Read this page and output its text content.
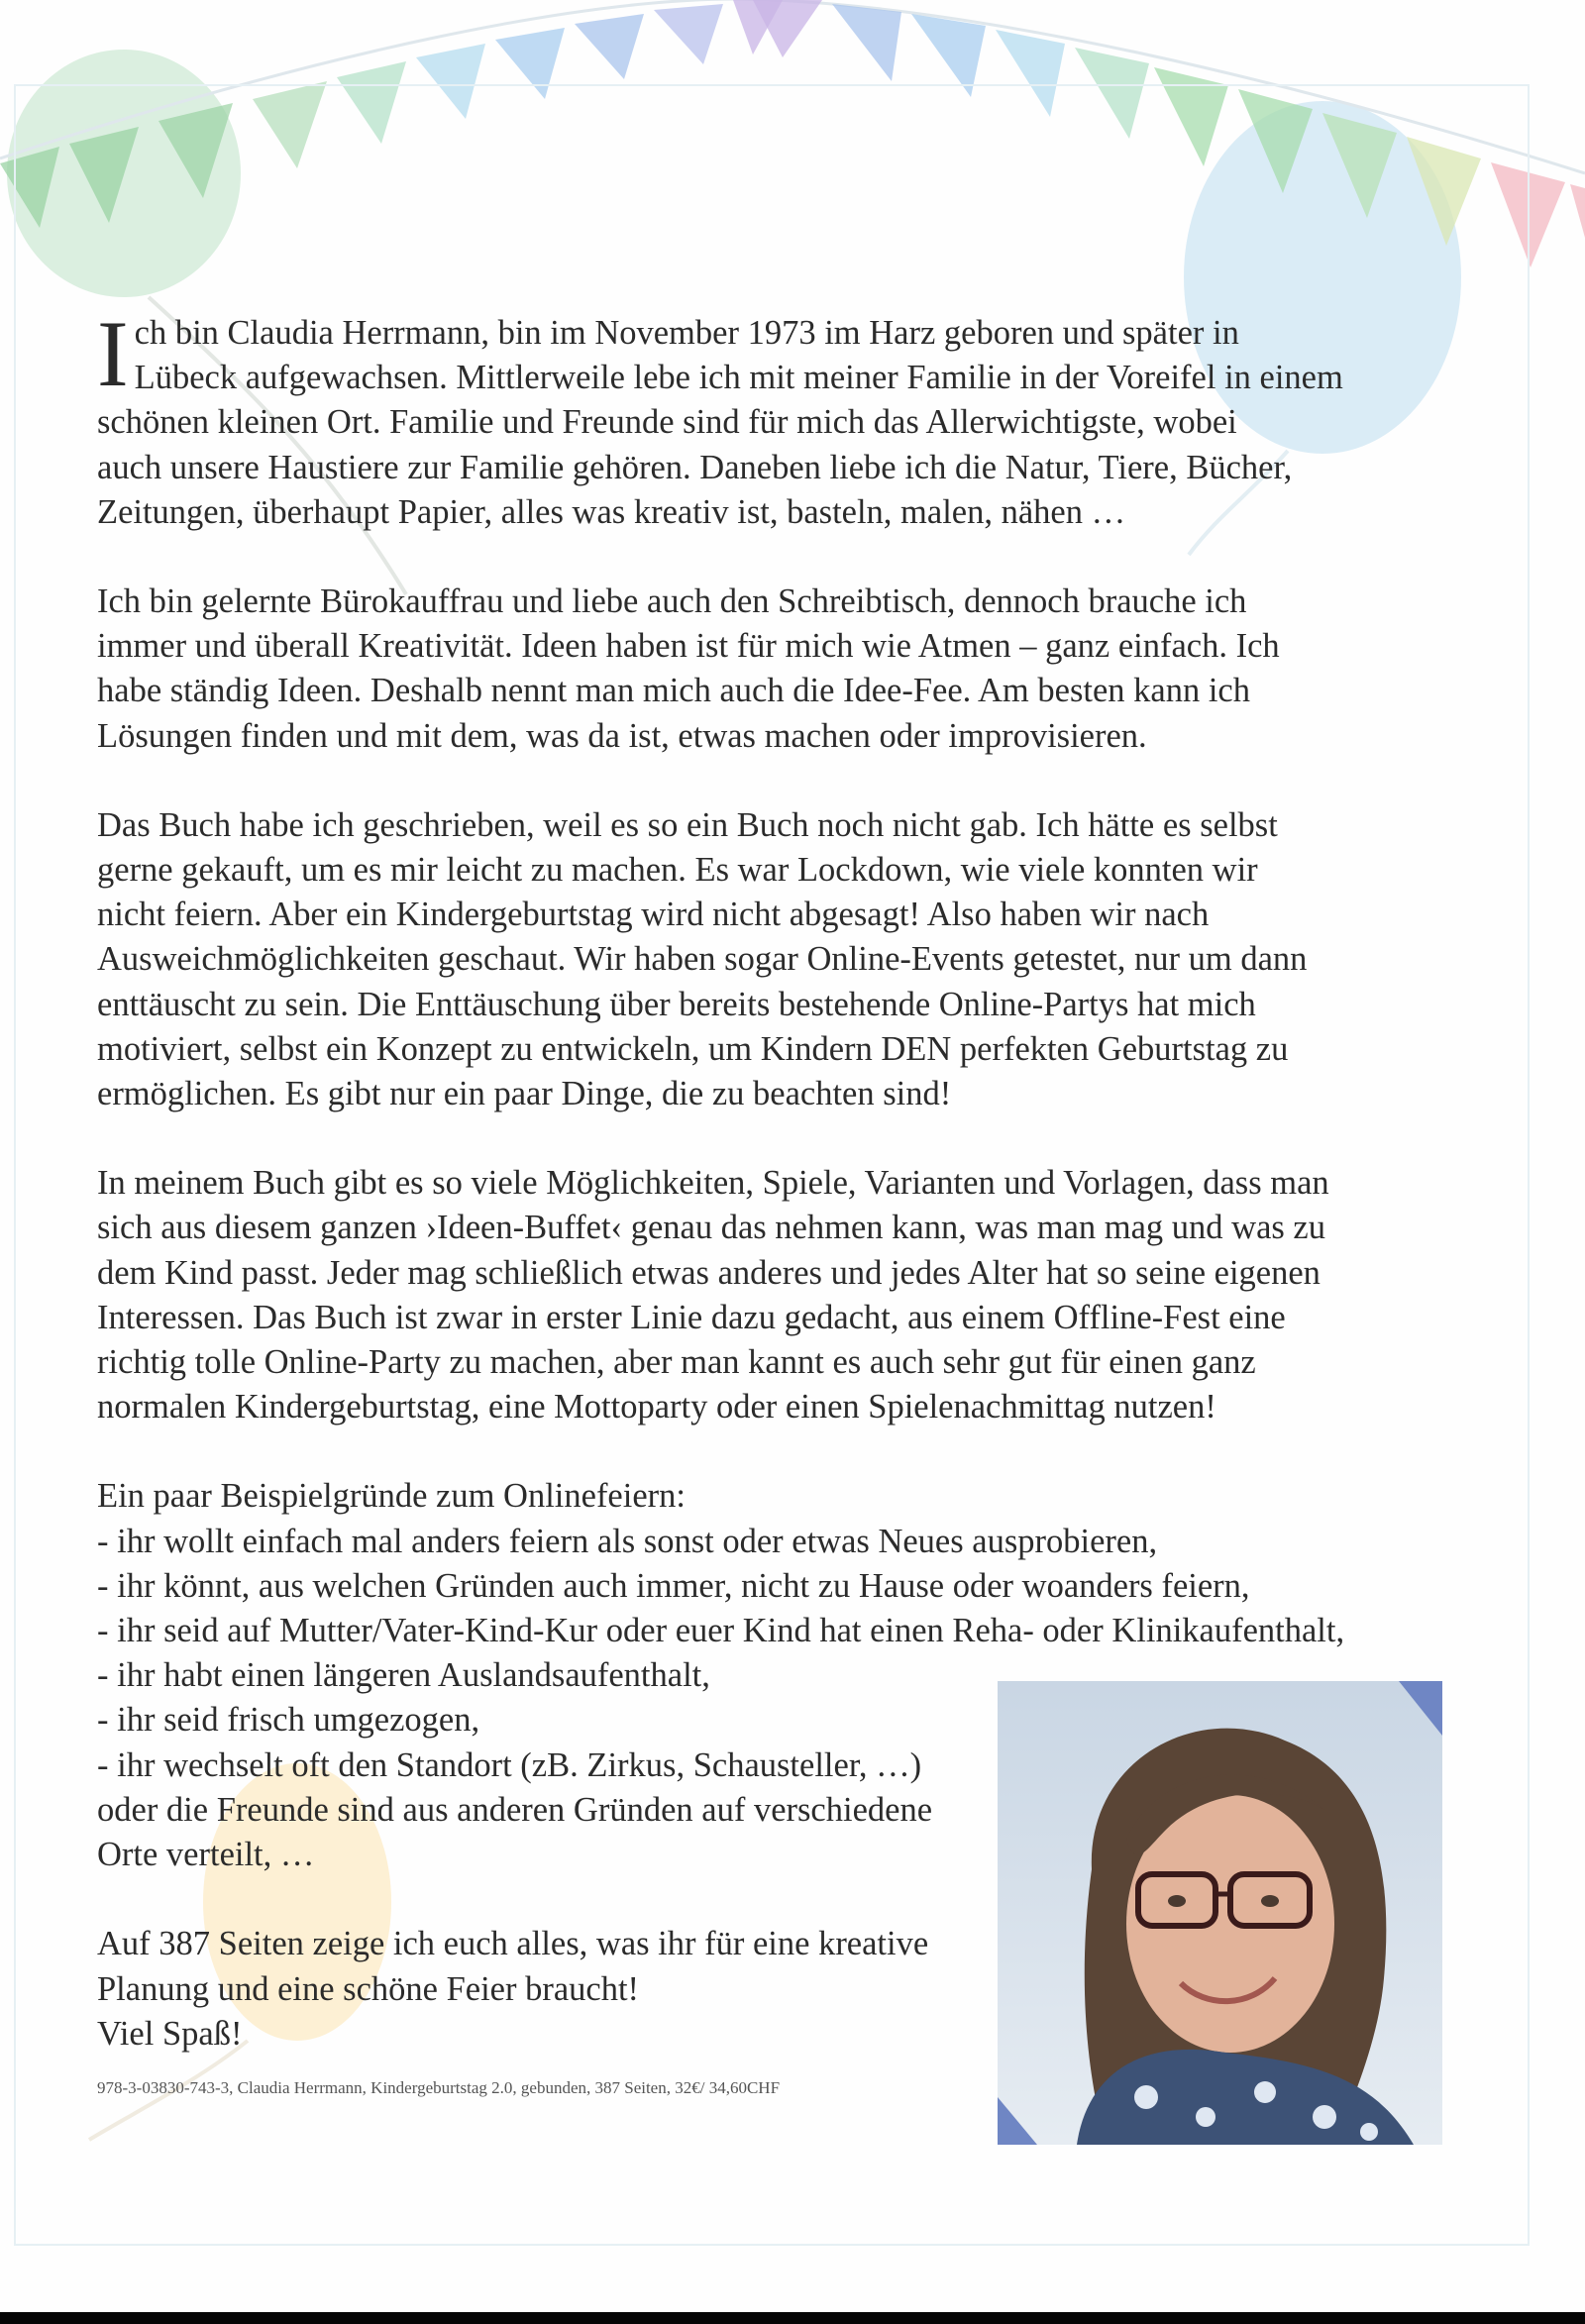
I ch bin Claudia Herrmann, bin im November 1973 im Harz geboren und später in

Lübeck aufgewachsen. Mittlerweile lebe ich mit meiner Familie in der Voreifel in einem

schönen kleinen Ort. Familie und Freunde sind für mich das Allerwichtigste, wobei

auch unsere Haustiere zur Familie gehören. Daneben liebe ich die Natur, Tiere, Bücher,

Zeitungen, überhaupt Papier, alles was kreativ ist, basteln, malen, nähen …

Ich bin gelernte Bürokauffrau und liebe auch den Schreibtisch, dennoch brauche ich

immer und überall Kreativität. Ideen haben ist für mich wie Atmen – ganz einfach. Ich

habe ständig Ideen. Deshalb nennt man mich auch die Idee-Fee. Am besten kann ich

Lösungen finden und mit dem, was da ist, etwas machen oder improvisieren.

Das Buch habe ich geschrieben, weil es so ein Buch noch nicht gab. Ich hätte es selbst

gerne gekauft, um es mir leicht zu machen. Es war Lockdown, wie viele konnten wir

nicht feiern. Aber ein Kindergeburtstag wird nicht abgesagt! Also haben wir nach

Ausweichmöglichkeiten geschaut. Wir haben sogar Online-Events getestet, nur um dann

enttäuscht zu sein. Die Enttäuschung über bereits bestehende Online-Partys hat mich

motiviert, selbst ein Konzept zu entwickeln, um Kindern DEN perfekten Geburtstag zu

ermöglichen. Es gibt nur ein paar Dinge, die zu beachten sind!

In meinem Buch gibt es so viele Möglichkeiten, Spiele, Varianten und Vorlagen, dass man

sich aus diesem ganzen ›Ideen-Buffet‹ genau das nehmen kann, was man mag und was zu

dem Kind passt. Jeder mag schließlich etwas anderes und jedes Alter hat so seine eigenen

Interessen. Das Buch ist zwar in erster Linie dazu gedacht, aus einem Offline-Fest eine

richtig tolle Online-Party zu machen, aber man kannt es auch sehr gut für einen ganz

normalen Kindergeburtstag, eine Mottoparty oder einen Spielenachmittag nutzen!

Ein paar Beispielgründe zum Onlinefeiern:

- ihr wollt einfach mal anders feiern als sonst oder etwas Neues ausprobieren,

- ihr könnt, aus welchen Gründen auch immer, nicht zu Hause oder woanders feiern,

- ihr seid auf Mutter/Vater-Kind-Kur oder euer Kind hat einen Reha- oder Klinikaufenthalt,

- ihr habt einen längeren Auslandsaufenthalt,

- ihr seid frisch umgezogen,

- ihr wechselt oft den Standort (zB. Zirkus, Schausteller, …)

oder die Freunde sind aus anderen Gründen auf verschiedene

Orte verteilt, …

Auf 387 Seiten zeige ich euch alles, was ihr für eine kreative

Planung und eine schöne Feier braucht!

Viel Spaß!

978-3-03830-743-3, Claudia Herrmann, Kindergeburtstag 2.0, gebunden, 387 Seiten, 32€/ 34,60CHF
